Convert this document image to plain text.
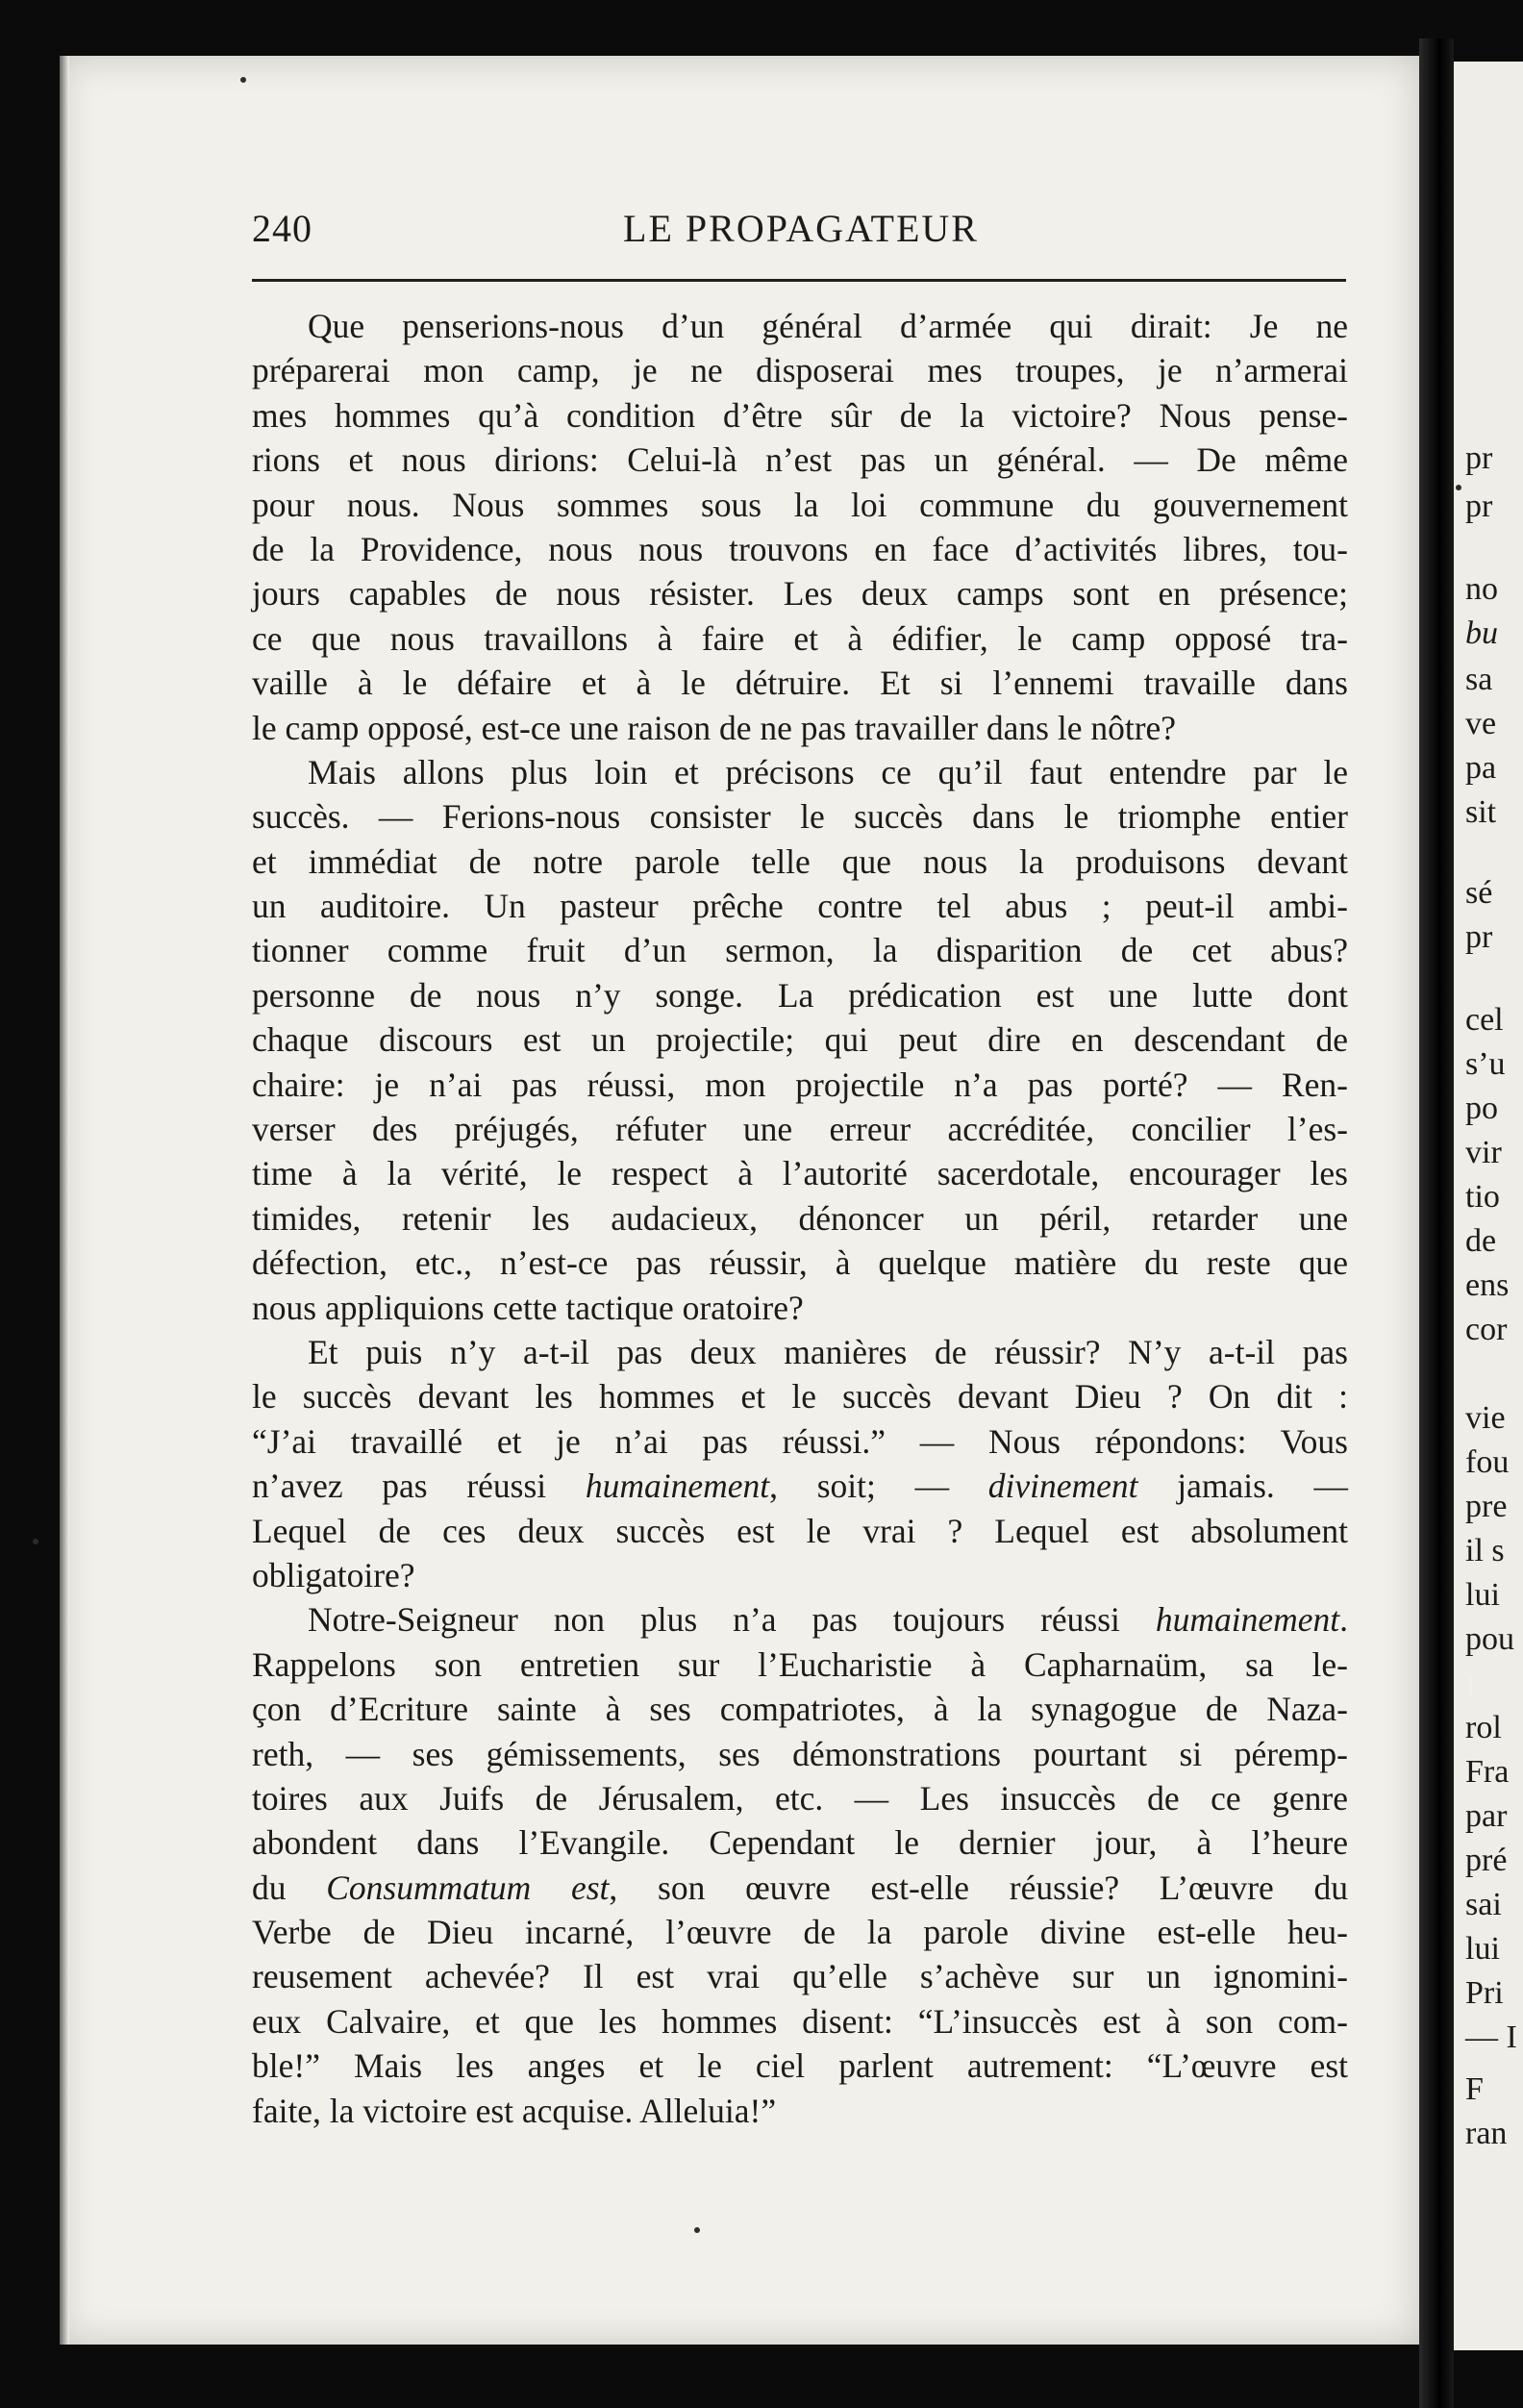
240	LE PROPAGATEUR
Que penserions-nous d’un général d’armée qui dirait: Je ne
préparerai mon camp, je ne disposerai mes troupes, je n’armerai
mes hommes qu’à condition d’être sûr de la victoire? Nous pense-
rions et nous dirions: Celui-là n’est pas un général. — De même
pour nous. Nous sommes sous la loi commune du gouvernement
de la Providence, nous nous trouvons en face d’activités libres, tou-
jours capables de nous résister. Les deux camps sont en présence;
ce que nous travaillons à faire et à édifier, le camp opposé tra-
vaille à le défaire et à le détruire. Et si l’ennemi travaille dans
le camp opposé, est-ce une raison de ne pas travailler dans le nôtre?
Mais allons plus loin et précisons ce qu’il faut entendre par le
succès. — Ferions-nous consister le succès dans le triomphe entier
et immédiat de notre parole telle que nous la produisons devant
un auditoire. Un pasteur prêche contre tel abus ; peut-il ambi-
tionner comme fruit d’un sermon, la disparition de cet abus?
personne de nous n’y songe. La prédication est une lutte dont
chaque discours est un projectile; qui peut dire en descendant de
chaire: je n’ai pas réussi, mon projectile n’a pas porté? — Ren-
verser des préjugés, réfuter une erreur accréditée, concilier l’es-
time à la vérité, le respect à l’autorité sacerdotale, encourager les
timides, retenir les audacieux, dénoncer un péril, retarder une
défection, etc., n’est-ce pas réussir, à quelque matière du reste que
nous appliquions cette tactique oratoire?
Et puis n’y a-t-il pas deux manières de réussir? N’y a-t-il pas
le succès devant les hommes et le succès devant Dieu ? On dit :
“J’ai travaillé et je n’ai pas réussi.” — Nous répondons: Vous
n’avez pas réussi humainement, soit; — divinement jamais. —
Lequel de ces deux succès est le vrai ? Lequel est absolument
obligatoire?
Notre-Seigneur non plus n’a pas toujours réussi humainement.
Rappelons son entretien sur l’Eucharistie à Capharnaüm, sa le-
çon d’Ecriture sainte à ses compatriotes, à la synagogue de Naza-
reth, — ses gémissements, ses démonstrations pourtant si péremp-
toires aux Juifs de Jérusalem, etc. — Les insuccès de ce genre
abondent dans l’Evangile. Cependant le dernier jour, à l’heure
du Consummatum est, son œuvre est-elle réussie? L’œuvre du
Verbe de Dieu incarné, l’œuvre de la parole divine est-elle heu-
reusement achevée? Il est vrai qu’elle s’achève sur un ignomini-
eux Calvaire, et que les hommes disent: “L’insuccès est à son com-
ble!” Mais les anges et le ciel parlent autrement: “L’œuvre est
faite, la victoire est acquise. Alleluia!”
pr
pr
no
bu
sa
ve
pa
sit
sé
pr
cel
s’u
po
vir
tio
de
ens
cor
vie
fou
pre
il s
lui
pou
I
rol
Fra
par
pré
sai
lui
Pri
— I
F
ran
